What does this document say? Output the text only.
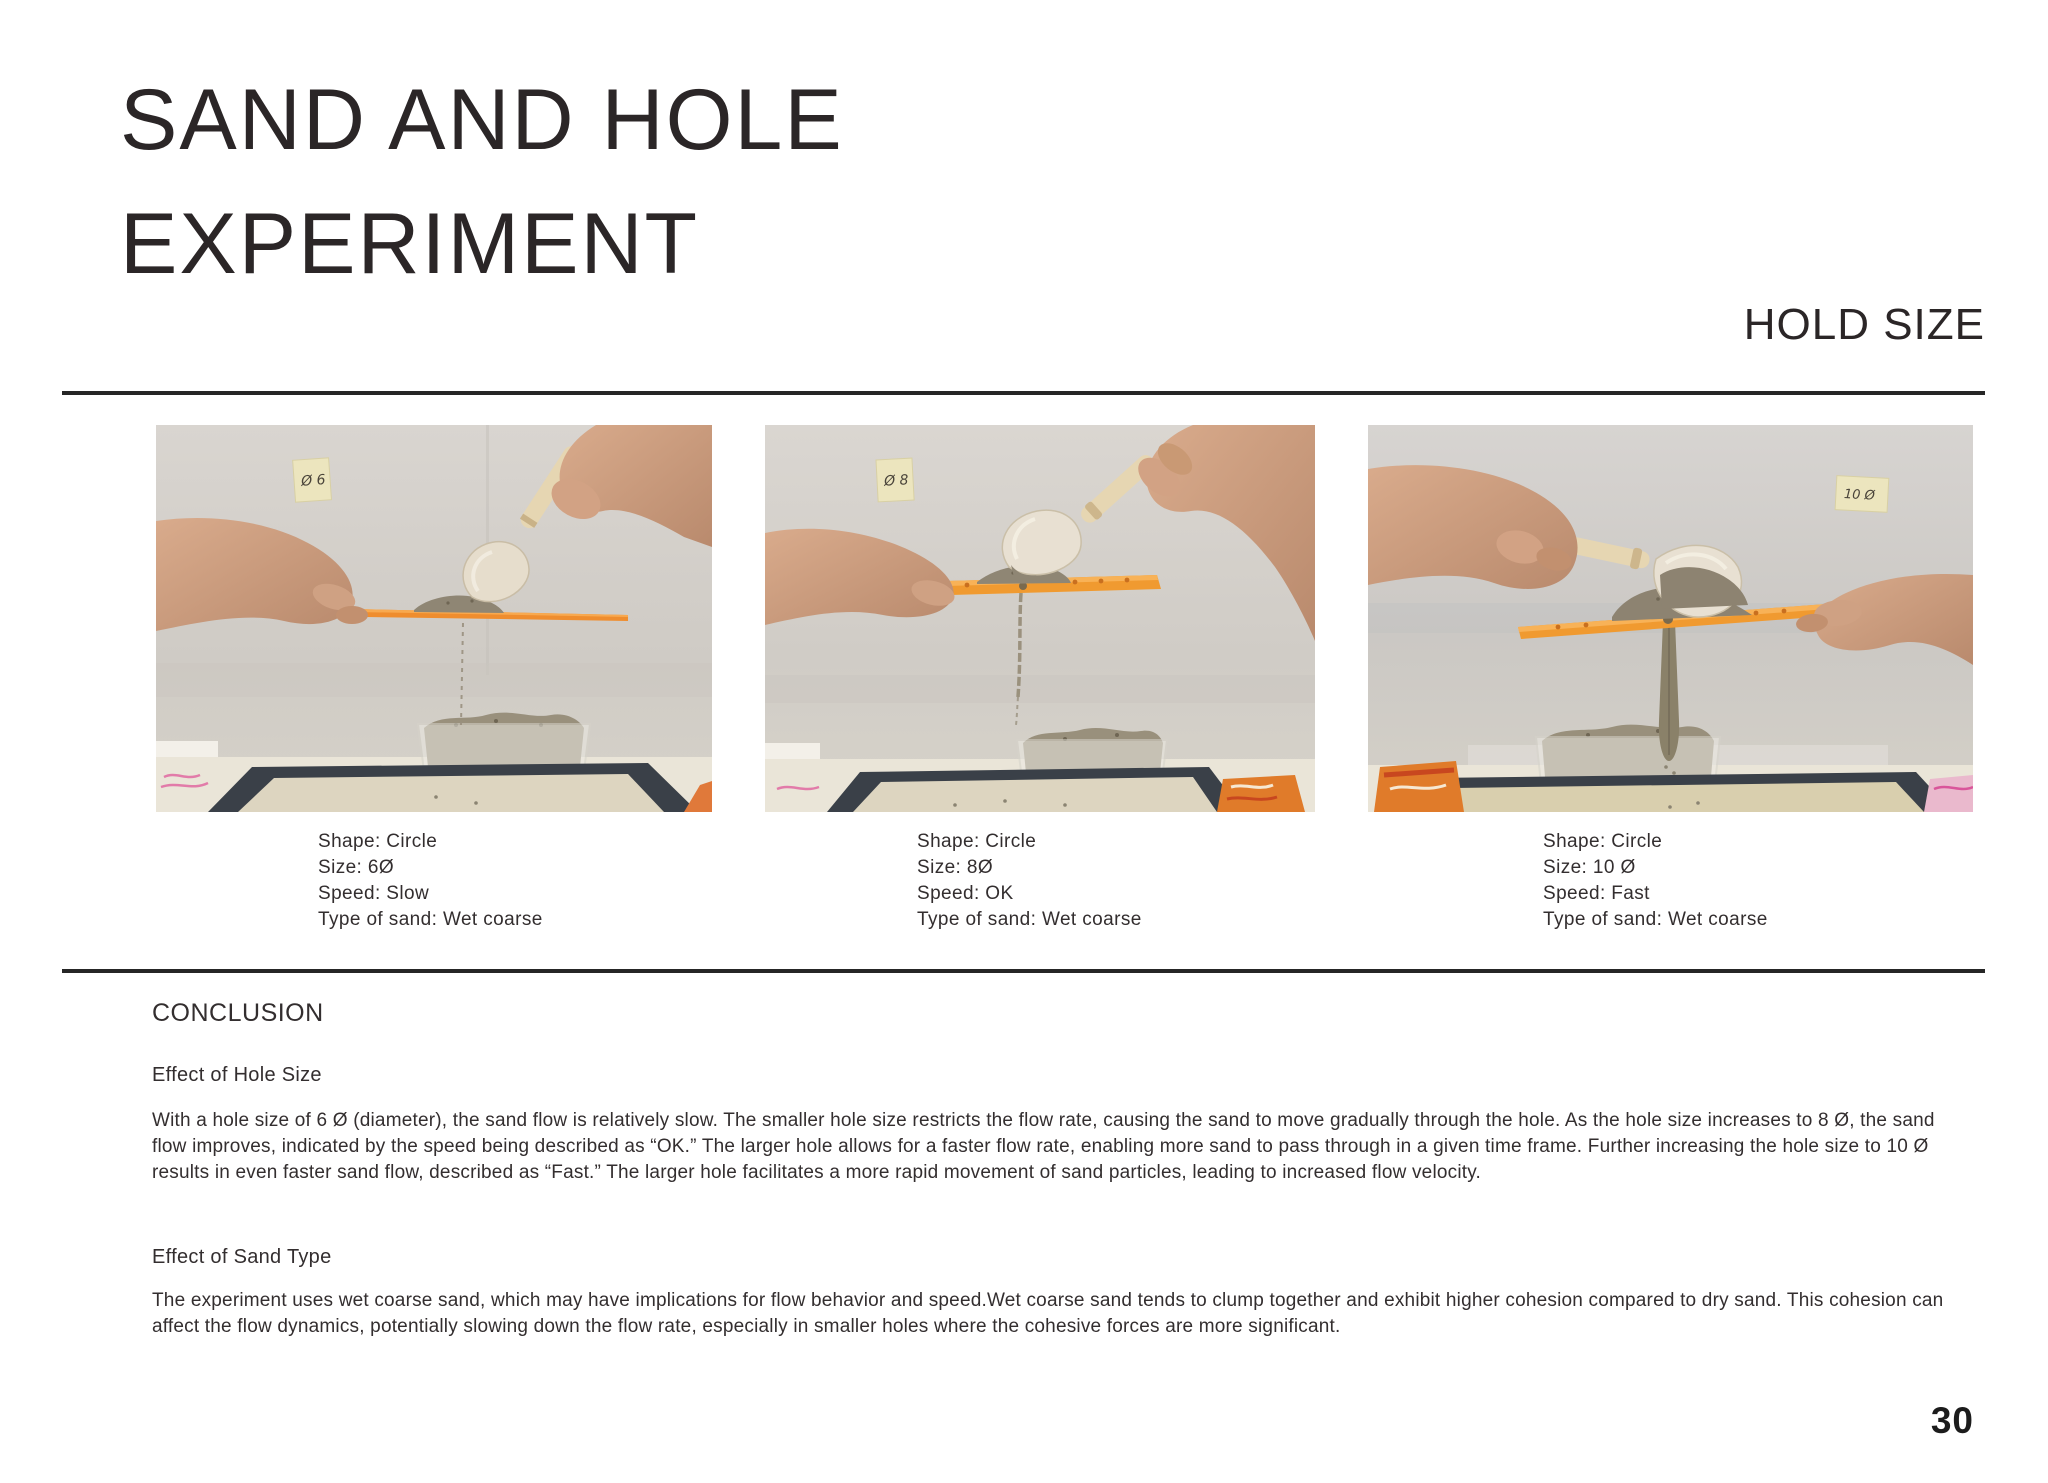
SAND AND HOLE
EXPERIMENT
HOLD SIZE
Ø 6	Ø 8
10 Ø
Shape: Circle
Size: 6Ø
Speed: Slow
Type of sand: Wet coarse
Shape: Circle
Size: 8Ø
Speed: OK
Type of sand: Wet coarse
Shape: Circle
Size: 10 Ø
Speed: Fast
Type of sand: Wet coarse
CONCLUSION
Effect of Hole Size
With a hole size of 6 Ø (diameter), the sand flow is relatively slow. The smaller hole size restricts the flow rate, causing the sand to move gradually through the hole. As the hole size increases to 8 Ø, the sand flow improves, indicated by the speed being described as “OK.” The larger hole allows for a faster flow rate, enabling more sand to pass through in a given time frame. Further increasing the hole size to 10 Ø results in even faster sand flow, described as “Fast.” The larger hole facilitates a more rapid movement of sand particles, leading to increased flow velocity.
Effect of Sand Type
The experiment uses wet coarse sand, which may have implications for flow behavior and speed.Wet coarse sand tends to clump together and exhibit higher cohesion compared to dry sand. This cohesion can affect the flow dynamics, potentially slowing down the flow rate, especially in smaller holes where the cohesive forces are more significant.
30
